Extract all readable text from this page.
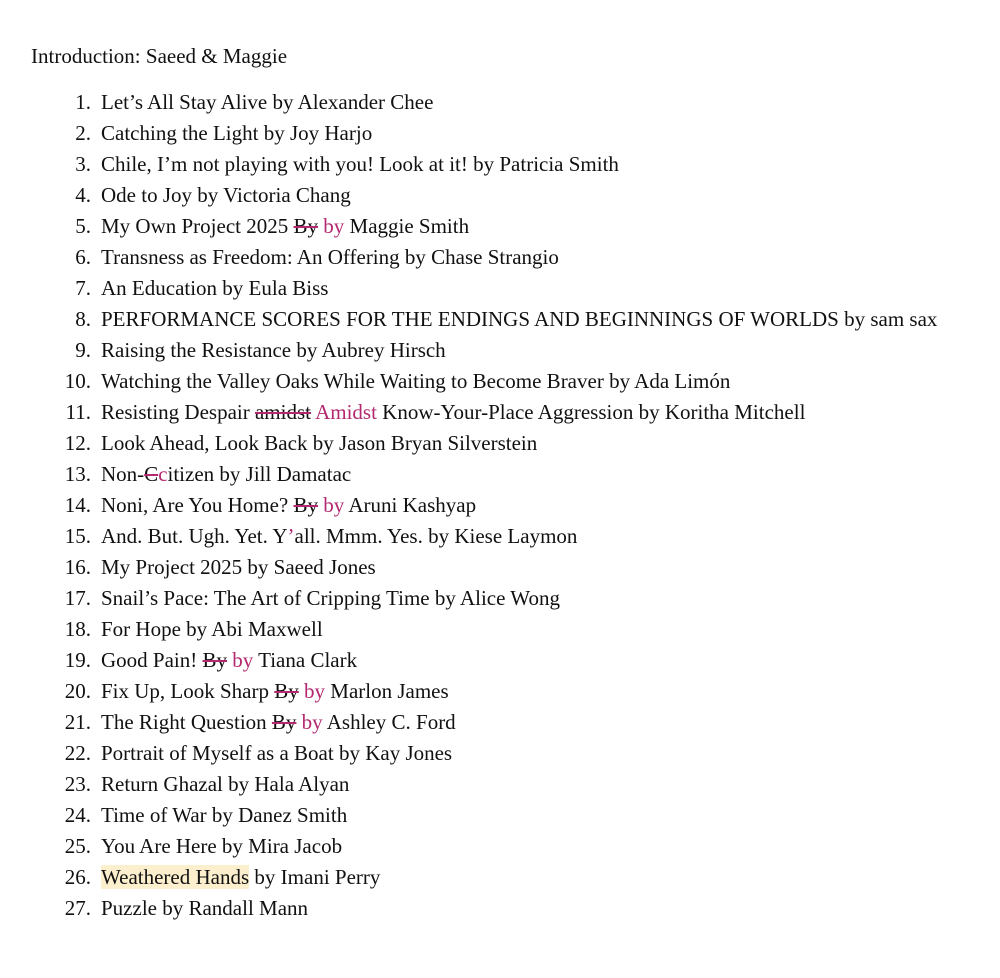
Introduction: Saeed & Maggie
1. Let’s All Stay Alive by Alexander Chee
2. Catching the Light by Joy Harjo
3. Chile, I’m not playing with you! Look at it! by Patricia Smith
4. Ode to Joy by Victoria Chang
5. My Own Project 2025 By by Maggie Smith
6. Transness as Freedom: An Offering by Chase Strangio
7. An Education by Eula Biss
8. PERFORMANCE SCORES FOR THE ENDINGS AND BEGINNINGS OF WORLDS by sam sax
9. Raising the Resistance by Aubrey Hirsch
10. Watching the Valley Oaks While Waiting to Become Braver by Ada Limón
11. Resisting Despair amidst Amidst Know-Your-Place Aggression by Koritha Mitchell
12. Look Ahead, Look Back by Jason Bryan Silverstein
13. Non-Ccitizen by Jill Damatac
14. Noni, Are You Home? By by Aruni Kashyap
15. And. But. Ugh. Yet. Y’all. Mmm. Yes. by Kiese Laymon
16. My Project 2025 by Saeed Jones
17. Snail’s Pace: The Art of Cripping Time by Alice Wong
18. For Hope by Abi Maxwell
19. Good Pain! By by Tiana Clark
20. Fix Up, Look Sharp By by Marlon James
21. The Right Question By by Ashley C. Ford
22. Portrait of Myself as a Boat by Kay Jones
23. Return Ghazal by Hala Alyan
24. Time of War by Danez Smith
25. You Are Here by Mira Jacob
26. Weathered Hands by Imani Perry
27. Puzzle by Randall Mann
